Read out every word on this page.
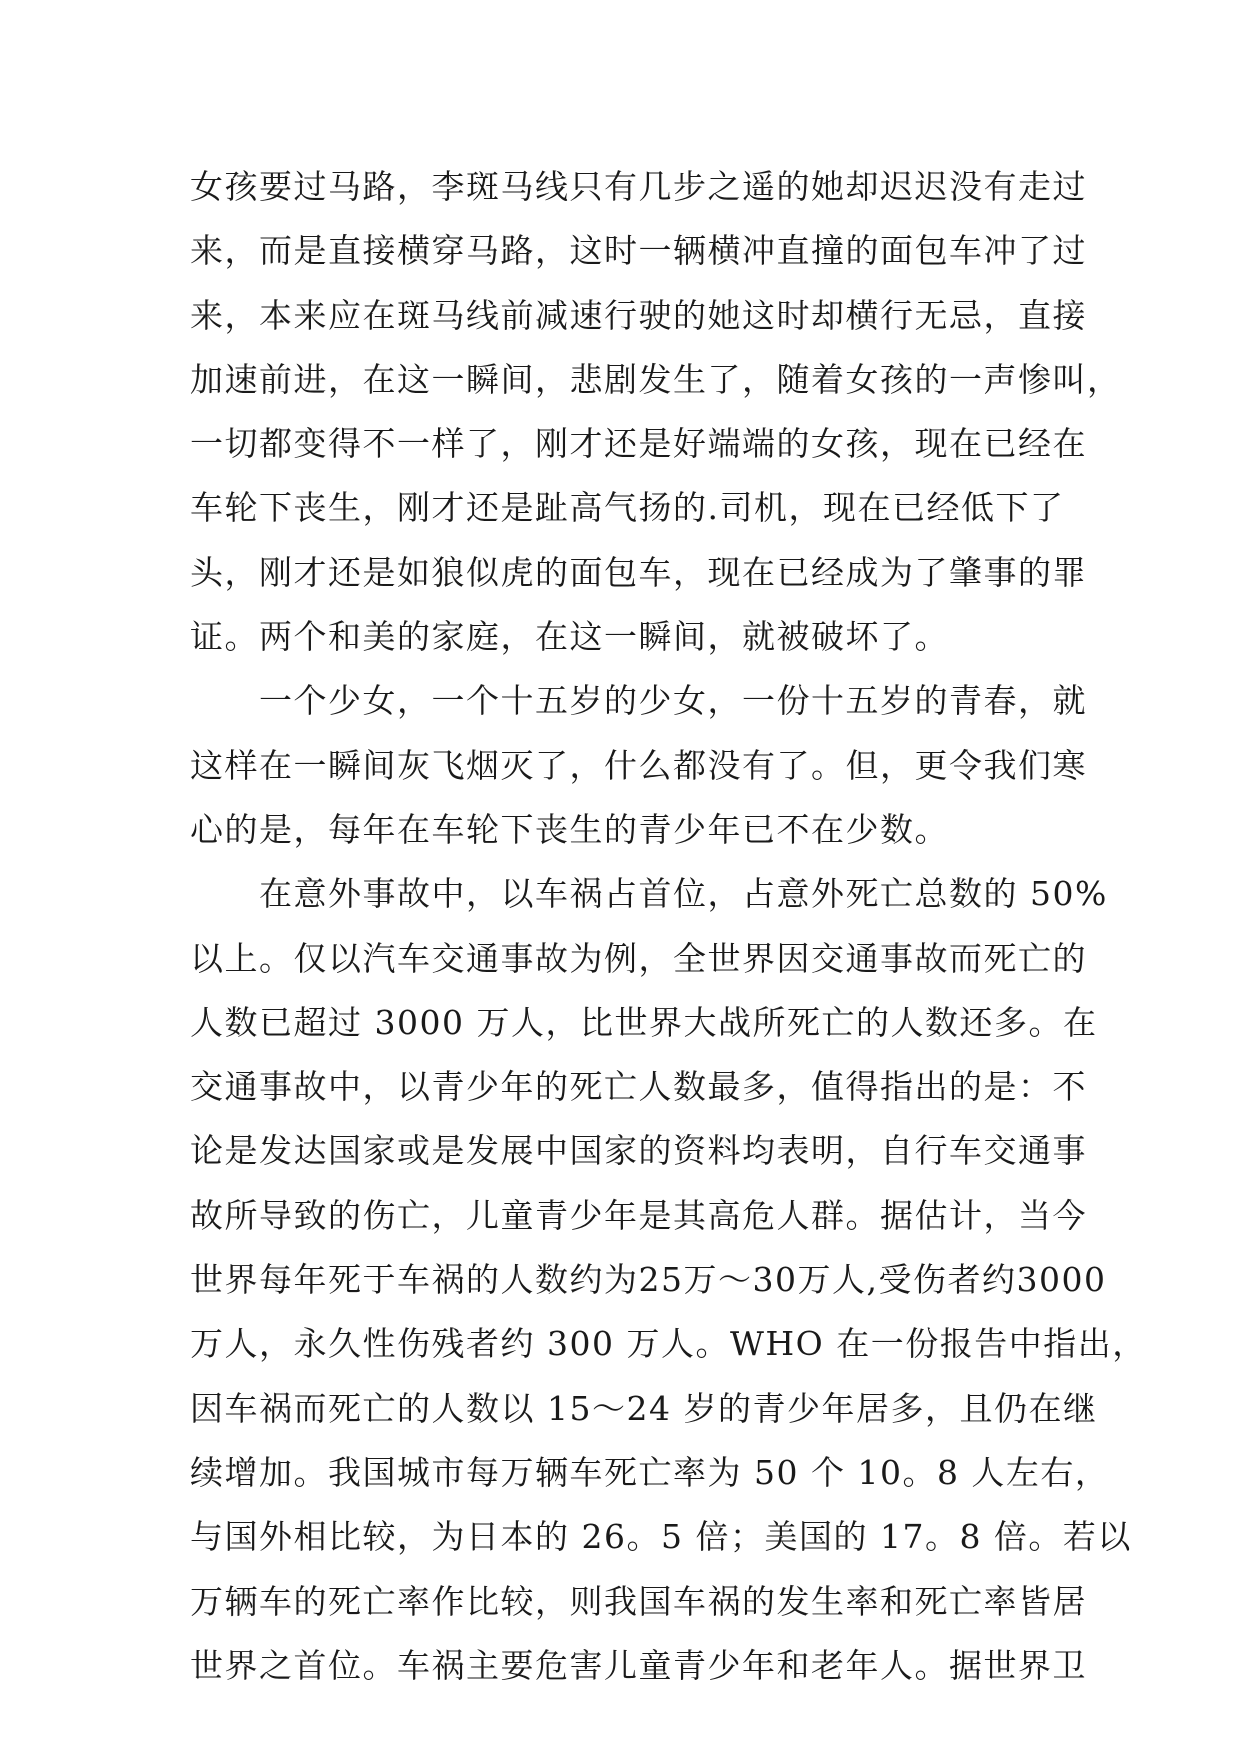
女孩要过马路，李斑马线只有几步之遥的她却迟迟没有走过
来，而是直接横穿马路，这时一辆横冲直撞的面包车冲了过
来，本来应在斑马线前减速行驶的她这时却横行无忌，直接
加速前进，在这一瞬间，悲剧发生了，随着女孩的一声惨叫，
一切都变得不一样了，刚才还是好端端的女孩，现在已经在
车轮下丧生，刚才还是趾高气扬的.司机，现在已经低下了
头，刚才还是如狼似虎的面包车，现在已经成为了肇事的罪
证。两个和美的家庭，在这一瞬间，就被破坏了。
　　一个少女，一个十五岁的少女，一份十五岁的青春，就
这样在一瞬间灰飞烟灭了，什么都没有了。但，更令我们寒
心的是，每年在车轮下丧生的青少年已不在少数。
　　在意外事故中，以车祸占首位，占意外死亡总数的 50%
以上。仅以汽车交通事故为例，全世界因交通事故而死亡的
人数已超过 3000 万人，比世界大战所死亡的人数还多。在
交通事故中，以青少年的死亡人数最多，值得指出的是：不
论是发达国家或是发展中国家的资料均表明，自行车交通事
故所导致的伤亡，儿童青少年是其高危人群。据估计，当今
世界每年死于车祸的人数约为25万～30万人,受伤者约3000
万人，永久性伤残者约 300 万人。WHO 在一份报告中指出，
因车祸而死亡的人数以 15～24 岁的青少年居多，且仍在继
续增加。我国城市每万辆车死亡率为 50 个 10。8 人左右，
与国外相比较，为日本的 26。5 倍；美国的 17。8 倍。若以
万辆车的死亡率作比较，则我国车祸的发生率和死亡率皆居
世界之首位。车祸主要危害儿童青少年和老年人。据世界卫
